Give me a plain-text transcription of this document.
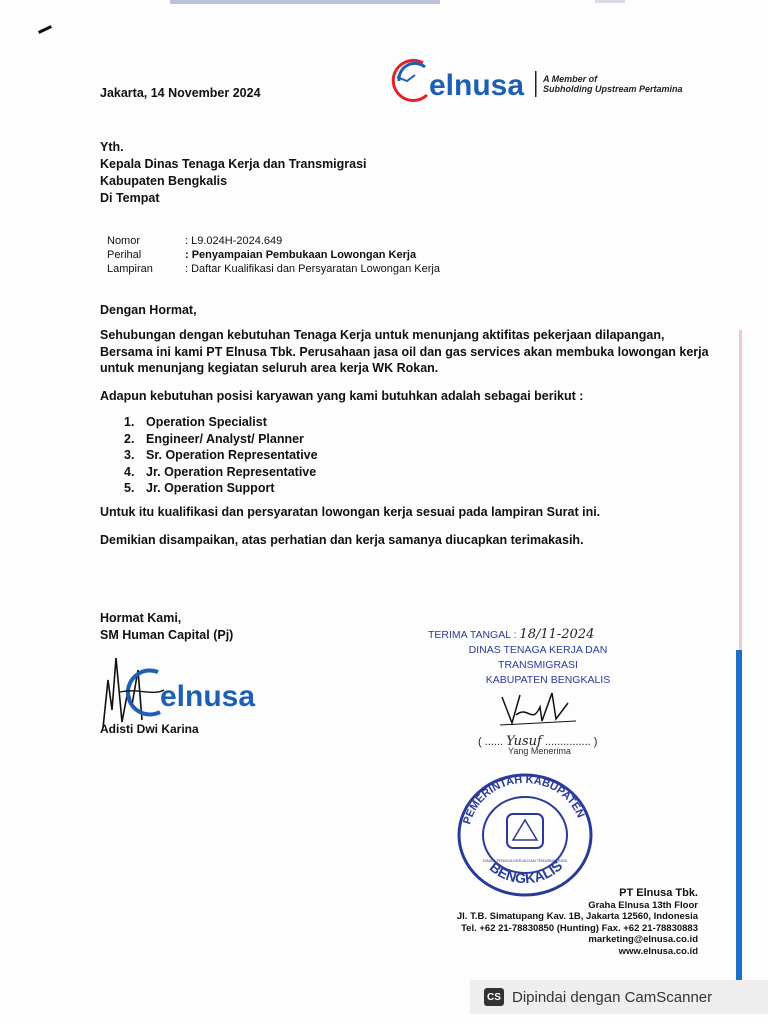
elnusa A Member of
Subholding Upstream Pertamina
Jakarta, 14 November 2024
Yth.
Kepala Dinas Tenaga Kerja dan Transmigrasi
Kabupaten Bengkalis
Di Tempat
Nomor	: L9.024H-2024.649
Perihal	: Penyampaian Pembukaan Lowongan Kerja
Lampiran	: Daftar Kualifikasi dan Persyaratan Lowongan Kerja
Dengan Hormat,
Sehubungan dengan kebutuhan Tenaga Kerja untuk menunjang aktifitas pekerjaan dilapangan,
Bersama ini kami PT Elnusa Tbk. Perusahaan jasa oil dan gas services akan membuka lowongan kerja
untuk menunjang kegiatan seluruh area kerja WK Rokan.
Adapun kebutuhan posisi karyawan yang kami butuhkan adalah sebagai berikut :
1. Operation Specialist
2. Engineer/ Analyst/ Planner
3. Sr. Operation Representative
4. Jr. Operation Representative
5. Jr. Operation Support
Untuk itu kualifikasi dan persyaratan lowongan kerja sesuai pada lampiran Surat ini.
Demikian disampaikan, atas perhatian dan kerja samanya diucapkan terimakasih.
Hormat Kami,
SM Human Capital (Pj)
elnusa
Adisti Dwi Karina
TERIMA TANGAL : 18/11-2024
DINAS TENAGA KERJA DAN TRANSMIGRASI
KABUPATEN BENGKALIS
( ...... Yusuf ............... )
Yang Menerima
PEMERINTAH KABUPATEN
BENGKALIS
DINAS TENAGA KERJA DAN TRANSMIGRASI
PT Elnusa Tbk.
Graha Elnusa 13th Floor
Jl. T.B. Simatupang Kav. 1B, Jakarta 12560, Indonesia
Tel. +62 21-78830850 (Hunting) Fax. +62 21-78830883
marketing@elnusa.co.id
www.elnusa.co.id
CS Dipindai dengan CamScanner
